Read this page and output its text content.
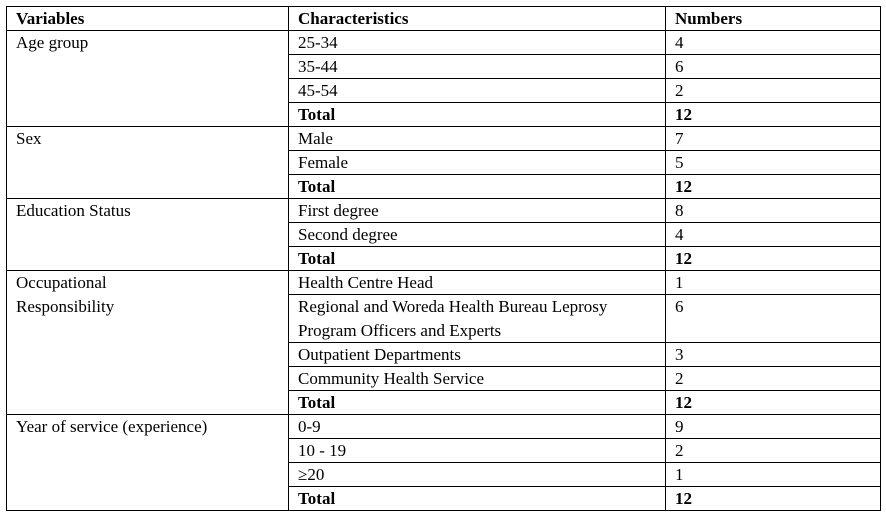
Variables	Characteristics	Numbers
Age group	25-34	4
	35-44	6
	45-54	2
	Total	12
Sex	Male	7
	Female	5
	Total	12
Education Status	First degree	8
	Second degree	4
	Total	12
Occupational Responsibility	Health Centre Head	1
	Regional and Woreda Health Bureau Leprosy Program Officers and Experts	6
	Outpatient Departments	3
	Community Health Service	2
	Total	12
Year of service (experience)	0-9	9
	10 - 19	2
	≥20	1
	Total	12
